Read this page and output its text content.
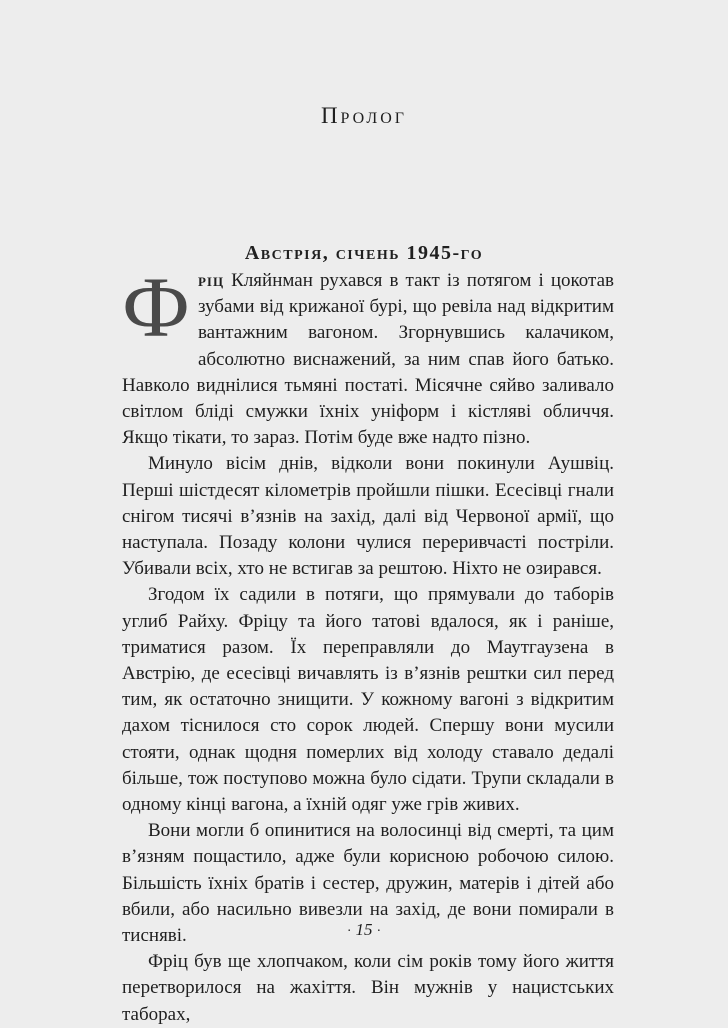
Пролог
Австрія, січень 1945-го

Фріц Кляйнман рухався в такт із потягом і цокотав зубами від крижаної бурі, що ревіла над відкритим вантажним вагоном. Згорнувшись калачиком, абсолютно виснажений, за ним спав його батько. Навколо виднілися тьмяні постаті. Місячне сяйво заливало світлом бліді смужки їхніх уніформ і кістляві обличчя. Якщо тікати, то зараз. Потім буде вже надто пізно.

Минуло вісім днів, відколи вони покинули Аушвіц. Перші шістдесят кілометрів пройшли пішки. Есесівці гнали снігом тисячі в’язнів на захід, далі від Червоної армії, що наступала. Позаду колони чулися переривчасті постріли. Убивали всіх, хто не встигав за рештою. Ніхто не озирався.

Згодом їх садили в потяги, що прямували до таборів углиб Райху. Фріцу та його татові вдалося, як і раніше, триматися разом. Їх переправляли до Маутгаузена в Австрію, де есесівці вичавлять із в’язнів рештки сил перед тим, як остаточно знищити. У кожному вагоні з відкритим дахом тіснилося сто сорок людей. Спершу вони мусили стояти, однак щодня померлих від холоду ставало дедалі більше, тож поступово можна було сідати. Трупи складали в одному кінці вагона, а їхній одяг уже грів живих.

Вони могли б опинитися на волосинці від смерті, та цим в’язням пощастило, адже були корисною робочою силою. Більшість їхніх братів і сестер, дружин, матерів і дітей або вбили, або насильно вивезли на захід, де вони помирали в тисняві.

Фріц був ще хлопчаком, коли сім років тому його життя перетворилося на жахіття. Він мужнів у нацистських таборах,

· 15 ·
